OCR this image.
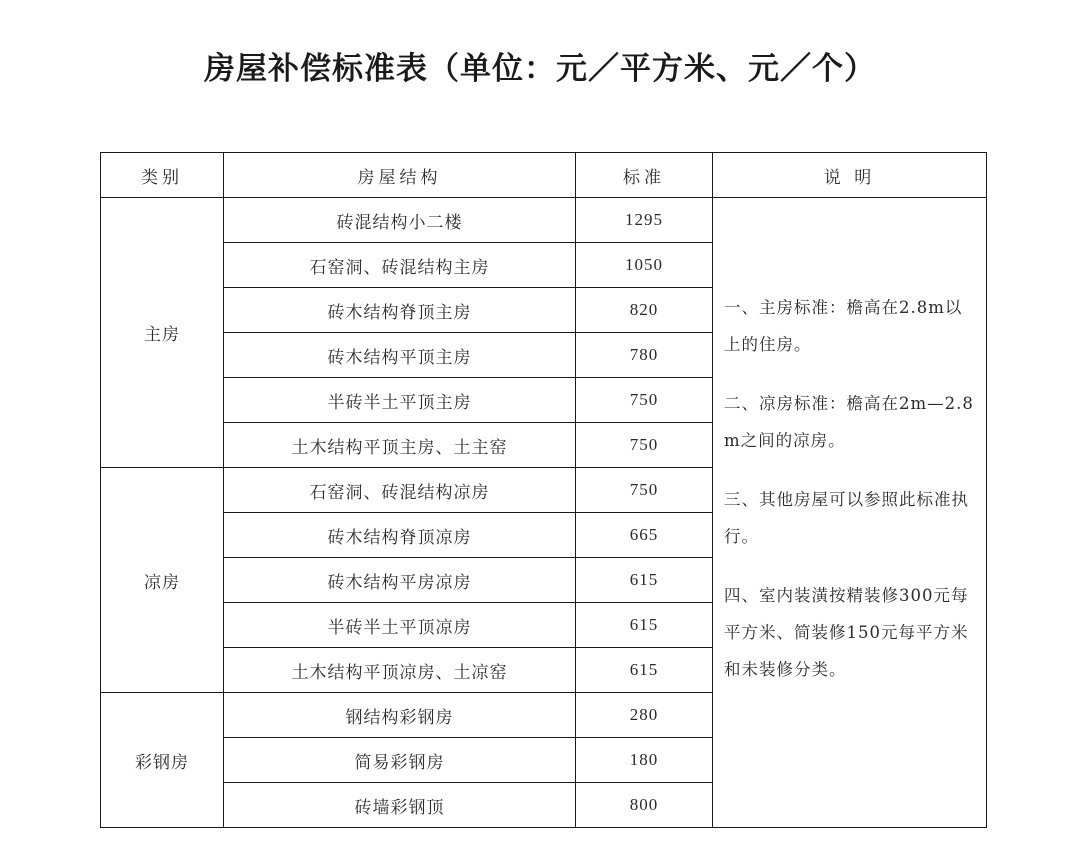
房屋补偿标准表（单位：元／平方米、元／个）
类别	房屋结构	标准	说 明
主房	砖混结构小二楼	1295	一、主房标准：檐高在2.8m以上的住房。
二、凉房标准：檐高在2m—2.8m之间的凉房。
三、其他房屋可以参照此标准执行。
四、室内装潢按精装修300元每平方米、简装修150元每平方米和未装修分类。

	石窑洞、砖混结构主房	1050	
	砖木结构脊顶主房	820	
	砖木结构平顶主房	780	
	半砖半土平顶主房	750	
	土木结构平顶主房、土主窑	750	
凉房	石窑洞、砖混结构凉房	750	
	砖木结构脊顶凉房	665	
	砖木结构平房凉房	615	
	半砖半土平顶凉房	615	
	土木结构平顶凉房、土凉窑	615	
彩钢房	钢结构彩钢房	280	
	简易彩钢房	180	
	砖墙彩钢顶	800	
